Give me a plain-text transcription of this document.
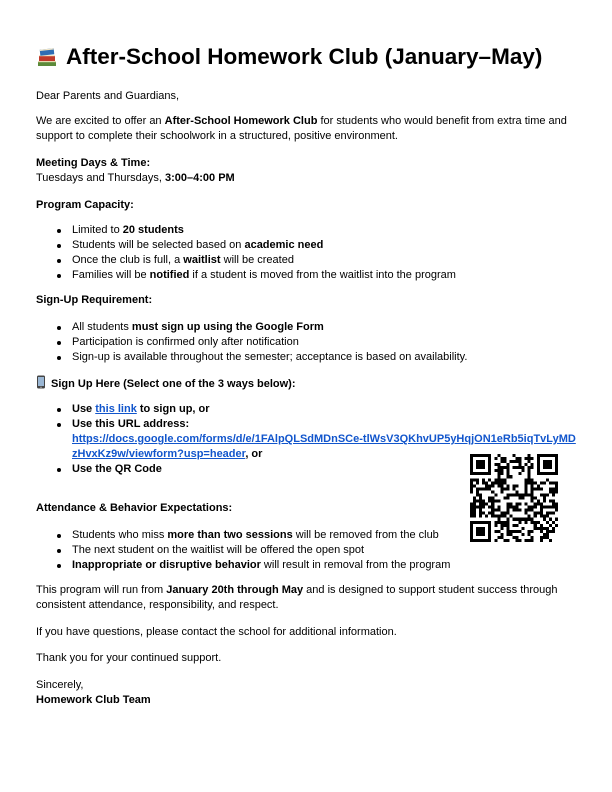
After-School Homework Club (January–May)

Dear Parents and Guardians,

We are excited to offer an After-School Homework Club for students who would benefit from extra time and support to complete their schoolwork in a structured, positive environment.

Meeting Days & Time:

Tuesdays and Thursdays, 3:00–4:00 PM

Program Capacity:

Limited to 20 students
Students will be selected based on academic need
Once the club is full, a waitlist will be created
Families will be notified if a student is moved from the waitlist into the program

Sign-Up Requirement:

All students must sign up using the Google Form
Participation is confirmed only after notification
Sign-up is available throughout the semester; acceptance is based on availability.

Sign Up Here (Select one of the 3 ways below):

Use this link to sign up, or
Use this URL address:
https://docs.google.com/forms/d/e/1FAlpQLSdMDnSCe-tlWsV3QKhvUP5yHqjON1eRb5iqTvLyMD
zHvxKz9w/viewform?usp=header, or
Use the QR Code

Attendance & Behavior Expectations:

Students who miss more than two sessions will be removed from the club
The next student on the waitlist will be offered the open spot
Inappropriate or disruptive behavior will result in removal from the program

This program will run from January 20th through May and is designed to support student success through consistent attendance, responsibility, and respect.

If you have questions, please contact the school for additional information.

Thank you for your continued support.

Sincerely,

Homework Club Team
